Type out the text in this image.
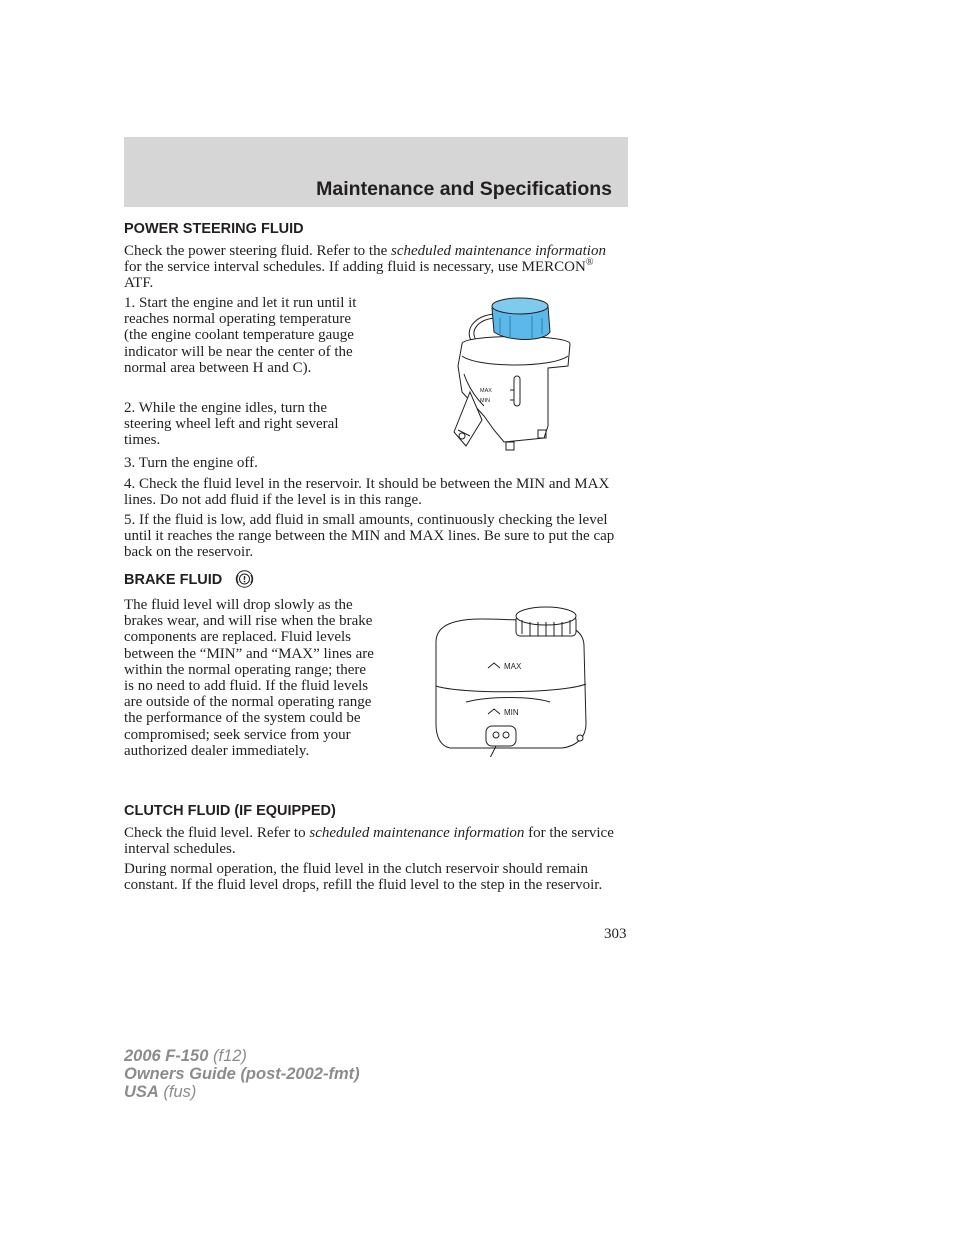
Maintenance and Specifications
POWER STEERING FLUID

Check the power steering fluid. Refer to the scheduled maintenance information for the service interval schedules. If adding fluid is necessary, use MERCON® ATF.

1. Start the engine and let it run until it reaches normal operating temperature (the engine coolant temperature gauge indicator will be near the center of the normal area between H and C).

2. While the engine idles, turn the steering wheel left and right several times.

3. Turn the engine off.

4. Check the fluid level in the reservoir. It should be between the MIN and MAX lines. Do not add fluid if the level is in this range.

5. If the fluid is low, add fluid in small amounts, continuously checking the level until it reaches the range between the MIN and MAX lines. Be sure to put the cap back on the reservoir.

MAX
MIN
BRAKE FLUID

The fluid level will drop slowly as the brakes wear, and will rise when the brake components are replaced. Fluid levels between the “MIN” and “MAX” lines are within the normal operating range; there is no need to add fluid. If the fluid levels are outside of the normal operating range the performance of the system could be compromised; seek service from your authorized dealer immediately.

MAX
MIN
CLUTCH FLUID (IF EQUIPPED)

Check the fluid level. Refer to scheduled maintenance information for the service interval schedules.

During normal operation, the fluid level in the clutch reservoir should remain constant. If the fluid level drops, refill the fluid level to the step in the reservoir.

303
2006 F-150 (f12)
Owners Guide (post-2002-fmt)
USA (fus)
